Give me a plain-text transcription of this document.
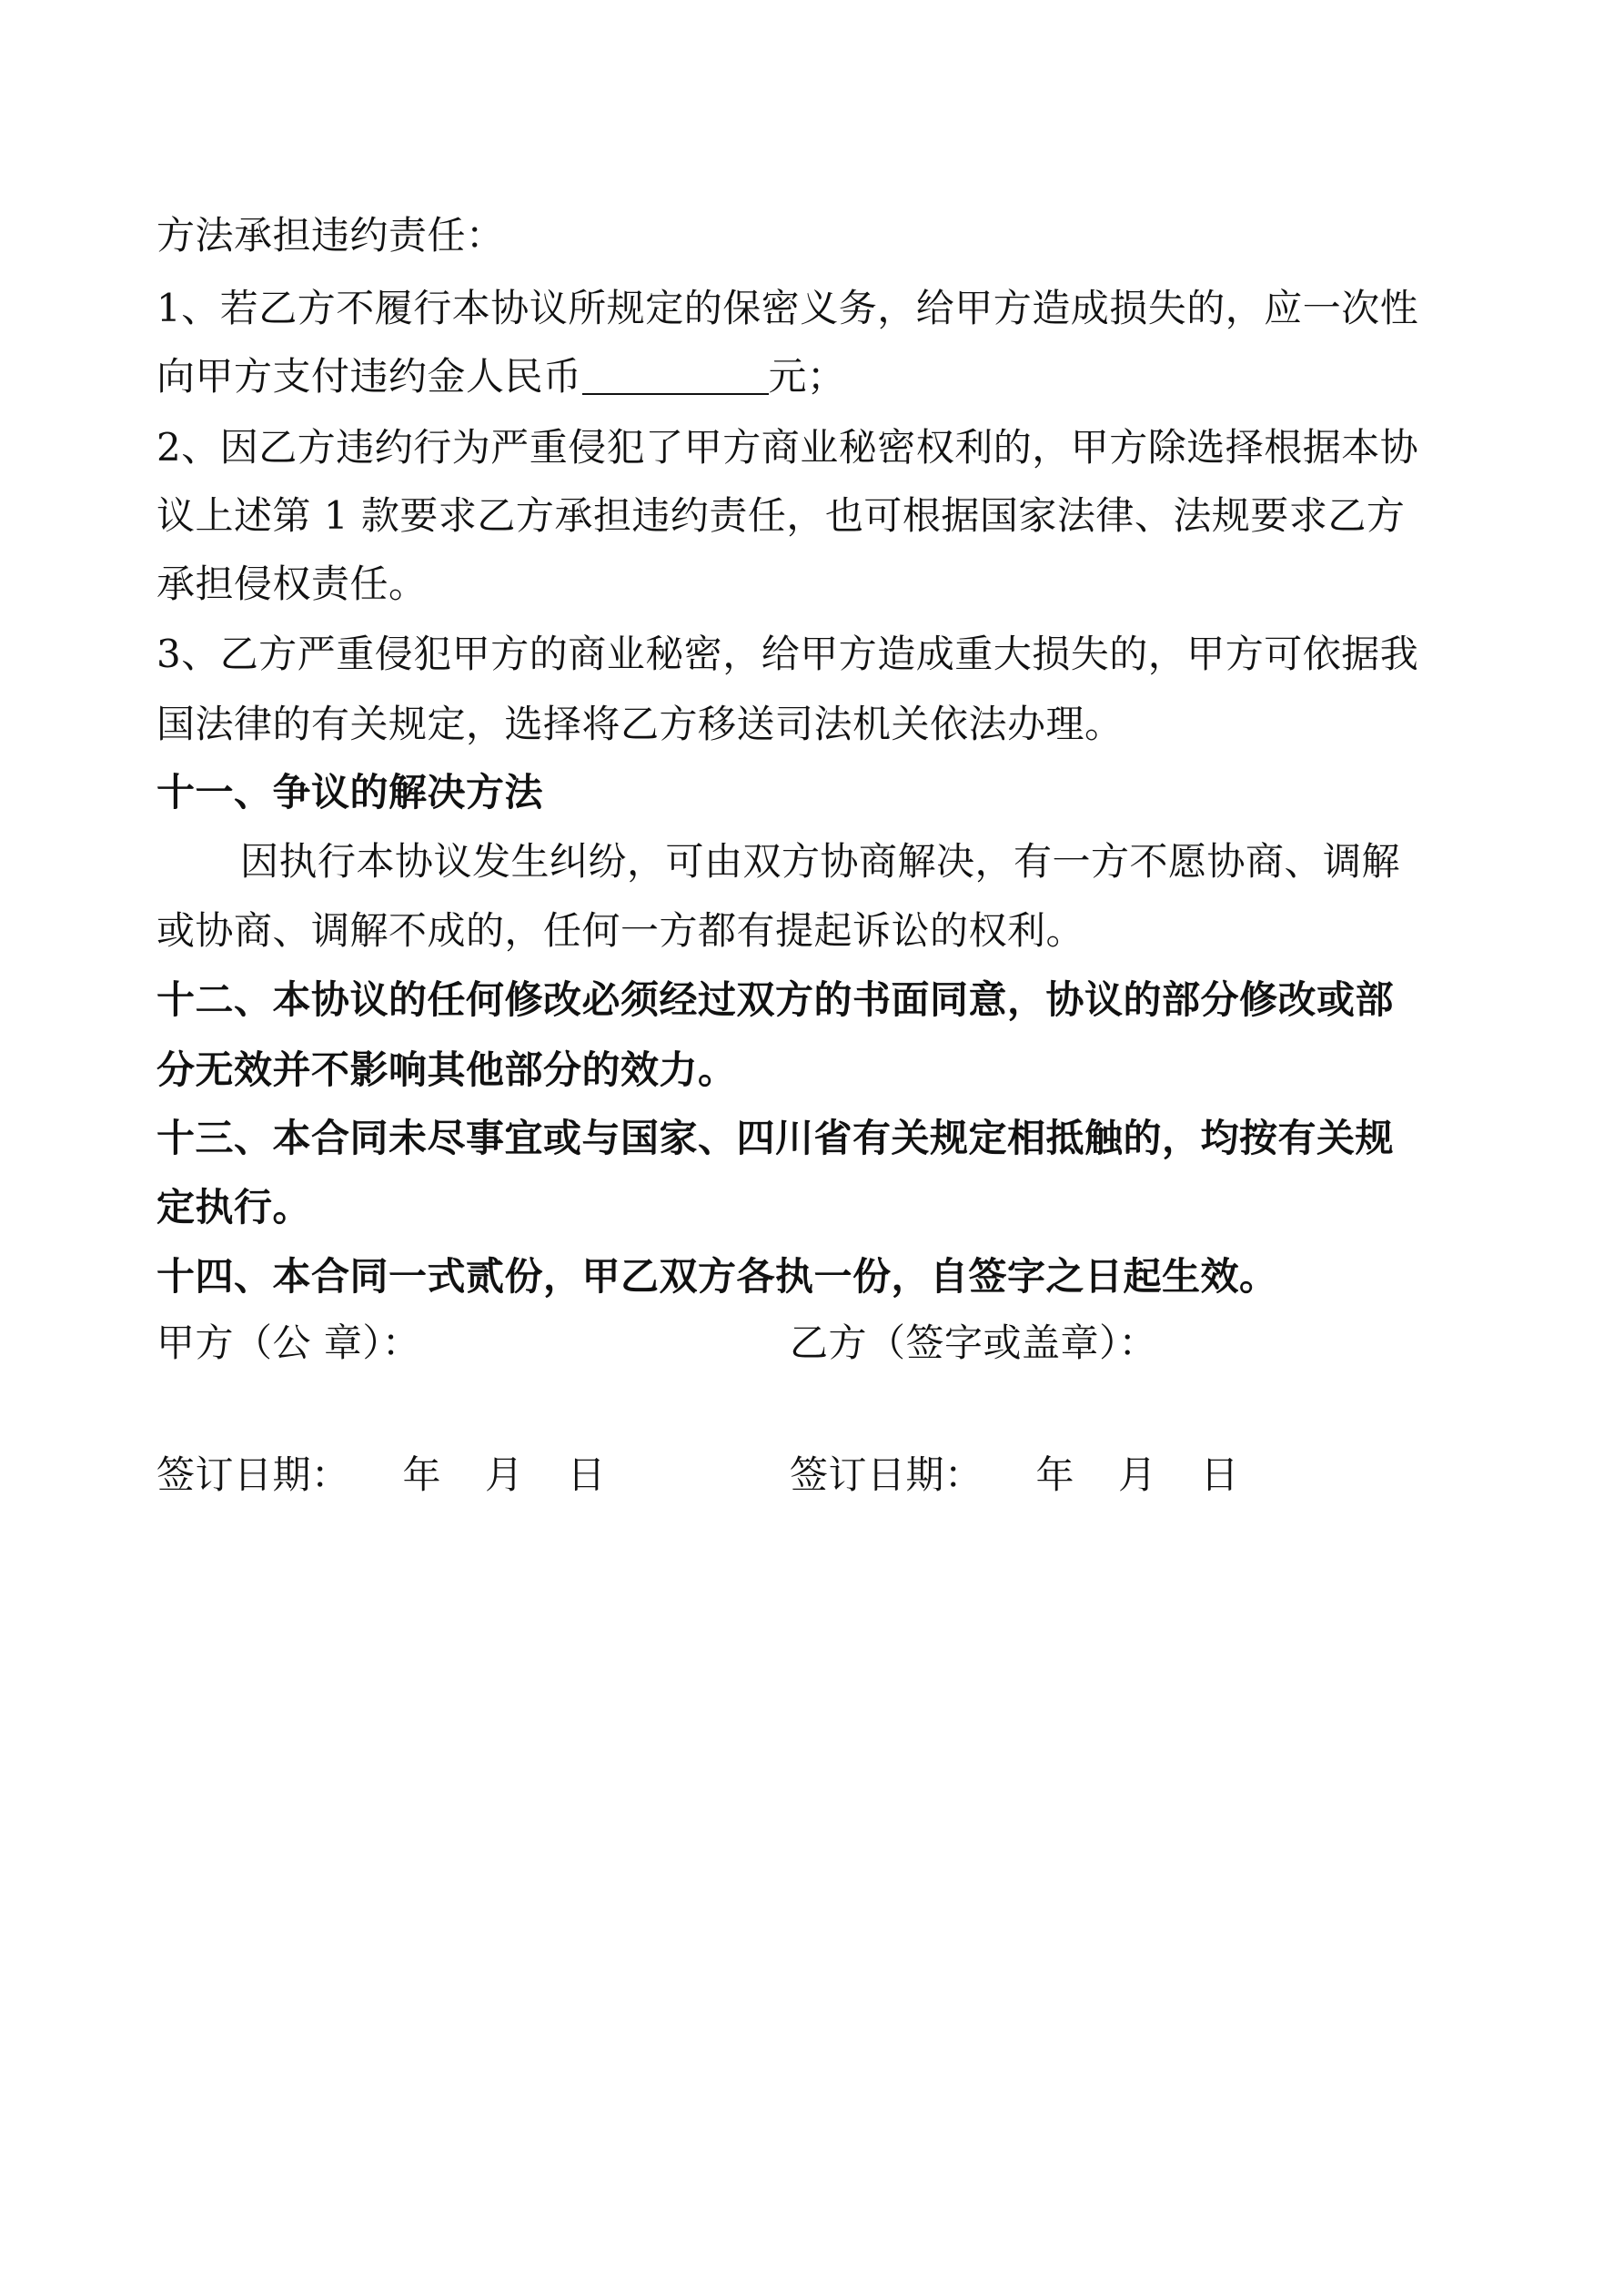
方法承担违约责任：
1、若乙方不履行本协议所规定的保密义务，给甲方造成损失的，应一次性
向甲方支付违约金人民币	元；
2、因乙方违约行为严重侵犯了甲方商业秘密权利的，甲方除选择根据本协
议上述第 1 款要求乙方承担违约责任，也可根据国家法律、法规要求乙方
承担侵权责任。
3、乙方严重侵犯甲方的商业秘密，给甲方造成重大损失的，甲方可依据我
国法律的有关规定，选择将乙方移送司法机关依法办理。
十一、争议的解决方法
因执行本协议发生纠纷，可由双方协商解决，有一方不愿协商、调解
或协商、调解不成的，任何一方都有提起诉讼的权利。
十二、本协议的任何修改必须经过双方的书面同意，协议的部分修改或部
分无效并不影响其他部分的效力。
十三、本合同未尽事宜或与国家、四川省有关规定相抵触的，均按有关规
定执行。
十四、本合同一式贰份，甲乙双方各执一份，自签字之日起生效。
甲方（公 章）：	乙方（签字或盖章）：
签订日期： 年 月 日	签订日期： 年 月 日
